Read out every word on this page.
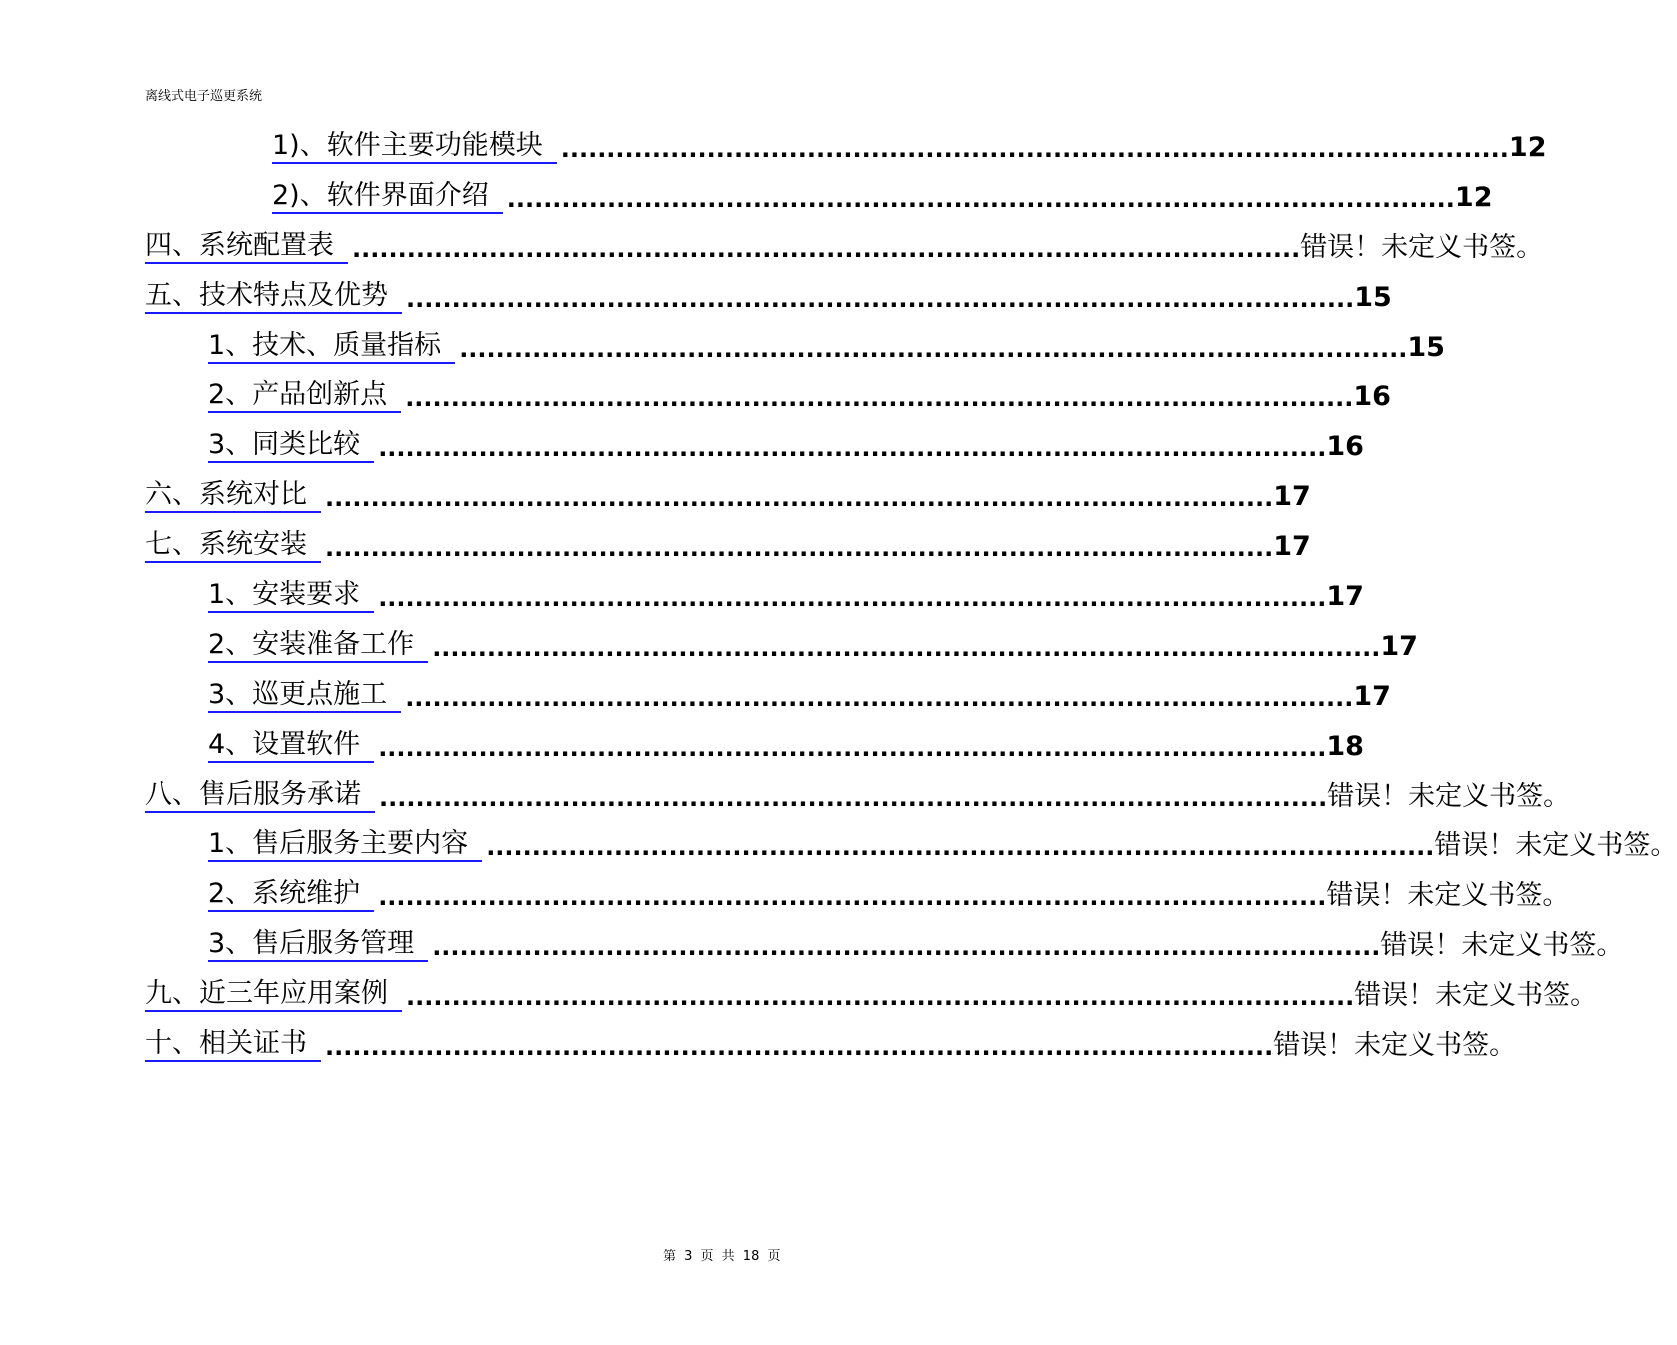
离线式电子巡更系统
1)、软件主要功能模块 ........................................................................................................ 12
2)、软件界面介绍 ........................................................................................................ 12
四、系统配置表 ........................................................................................................ 错误！未定义书签。
五、技术特点及优势 ........................................................................................................ 15
1、技术、质量指标 ........................................................................................................ 15
2、产品创新点 ........................................................................................................ 16
3、同类比较 ........................................................................................................ 16
六、系统对比 ........................................................................................................ 17
七、系统安装 ........................................................................................................ 17
1、安装要求 ........................................................................................................ 17
2、安装准备工作 ........................................................................................................ 17
3、巡更点施工 ........................................................................................................ 17
4、设置软件 ........................................................................................................ 18
八、售后服务承诺 ........................................................................................................ 错误！未定义书签。
1、售后服务主要内容 ........................................................................................................ 错误！未定义书签。
2、系统维护 ........................................................................................................ 错误！未定义书签。
3、售后服务管理 ........................................................................................................ 错误！未定义书签。
九、近三年应用案例 ........................................................................................................ 错误！未定义书签。
十、相关证书 ........................................................................................................ 错误！未定义书签。
第 3 页 共 18 页
